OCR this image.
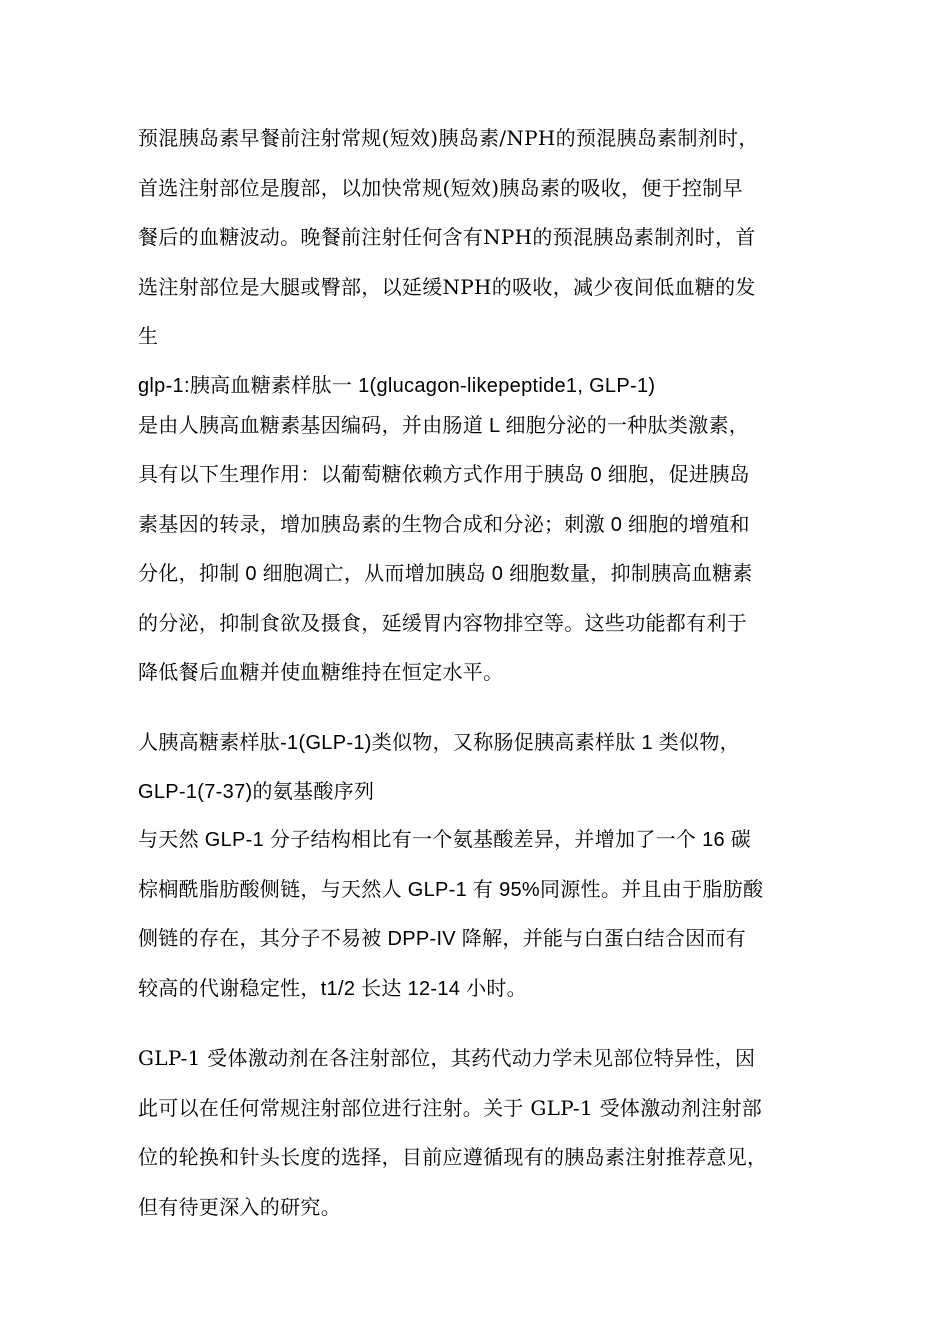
预混胰岛素早餐前注射常规(短效)胰岛素/NPH的预混胰岛素制剂时，
首选注射部位是腹部，以加快常规(短效)胰岛素的吸收，便于控制早
餐后的血糖波动。晚餐前注射任何含有NPH的预混胰岛素制剂时，首
选注射部位是大腿或臀部，以延缓NPH的吸收，减少夜间低血糖的发
生

glp-1:胰高血糖素样肽一 1(glucagon-likepeptide1, GLP-1)

是由人胰高血糖素基因编码，并由肠道 L 细胞分泌的一种肽类激素，
具有以下生理作用：以葡萄糖依赖方式作用于胰岛 0 细胞，促进胰岛
素基因的转录，增加胰岛素的生物合成和分泌；刺激 0 细胞的增殖和
分化，抑制 0 细胞凋亡，从而增加胰岛 0 细胞数量，抑制胰高血糖素
的分泌，抑制食欲及摄食，延缓胃内容物排空等。这些功能都有利于
降低餐后血糖并使血糖维持在恒定水平。

人胰高糖素样肽-1(GLP-1)类似物，又称肠促胰高素样肽 1 类似物，

GLP-1(7-37)的氨基酸序列

与天然 GLP-1 分子结构相比有一个氨基酸差异，并增加了一个 16 碳
棕榈酰脂肪酸侧链，与天然人 GLP-1 有 95%同源性。并且由于脂肪酸
侧链的存在，其分子不易被 DPP-IV 降解，并能与白蛋白结合因而有
较高的代谢稳定性，t1/2 长达 12-14 小时。

GLP-1 受体激动剂在各注射部位，其药代动力学未见部位特异性，因
此可以在任何常规注射部位进行注射。关于 GLP-1 受体激动剂注射部
位的轮换和针头长度的选择，目前应遵循现有的胰岛素注射推荐意见，
但有待更深入的研究。
